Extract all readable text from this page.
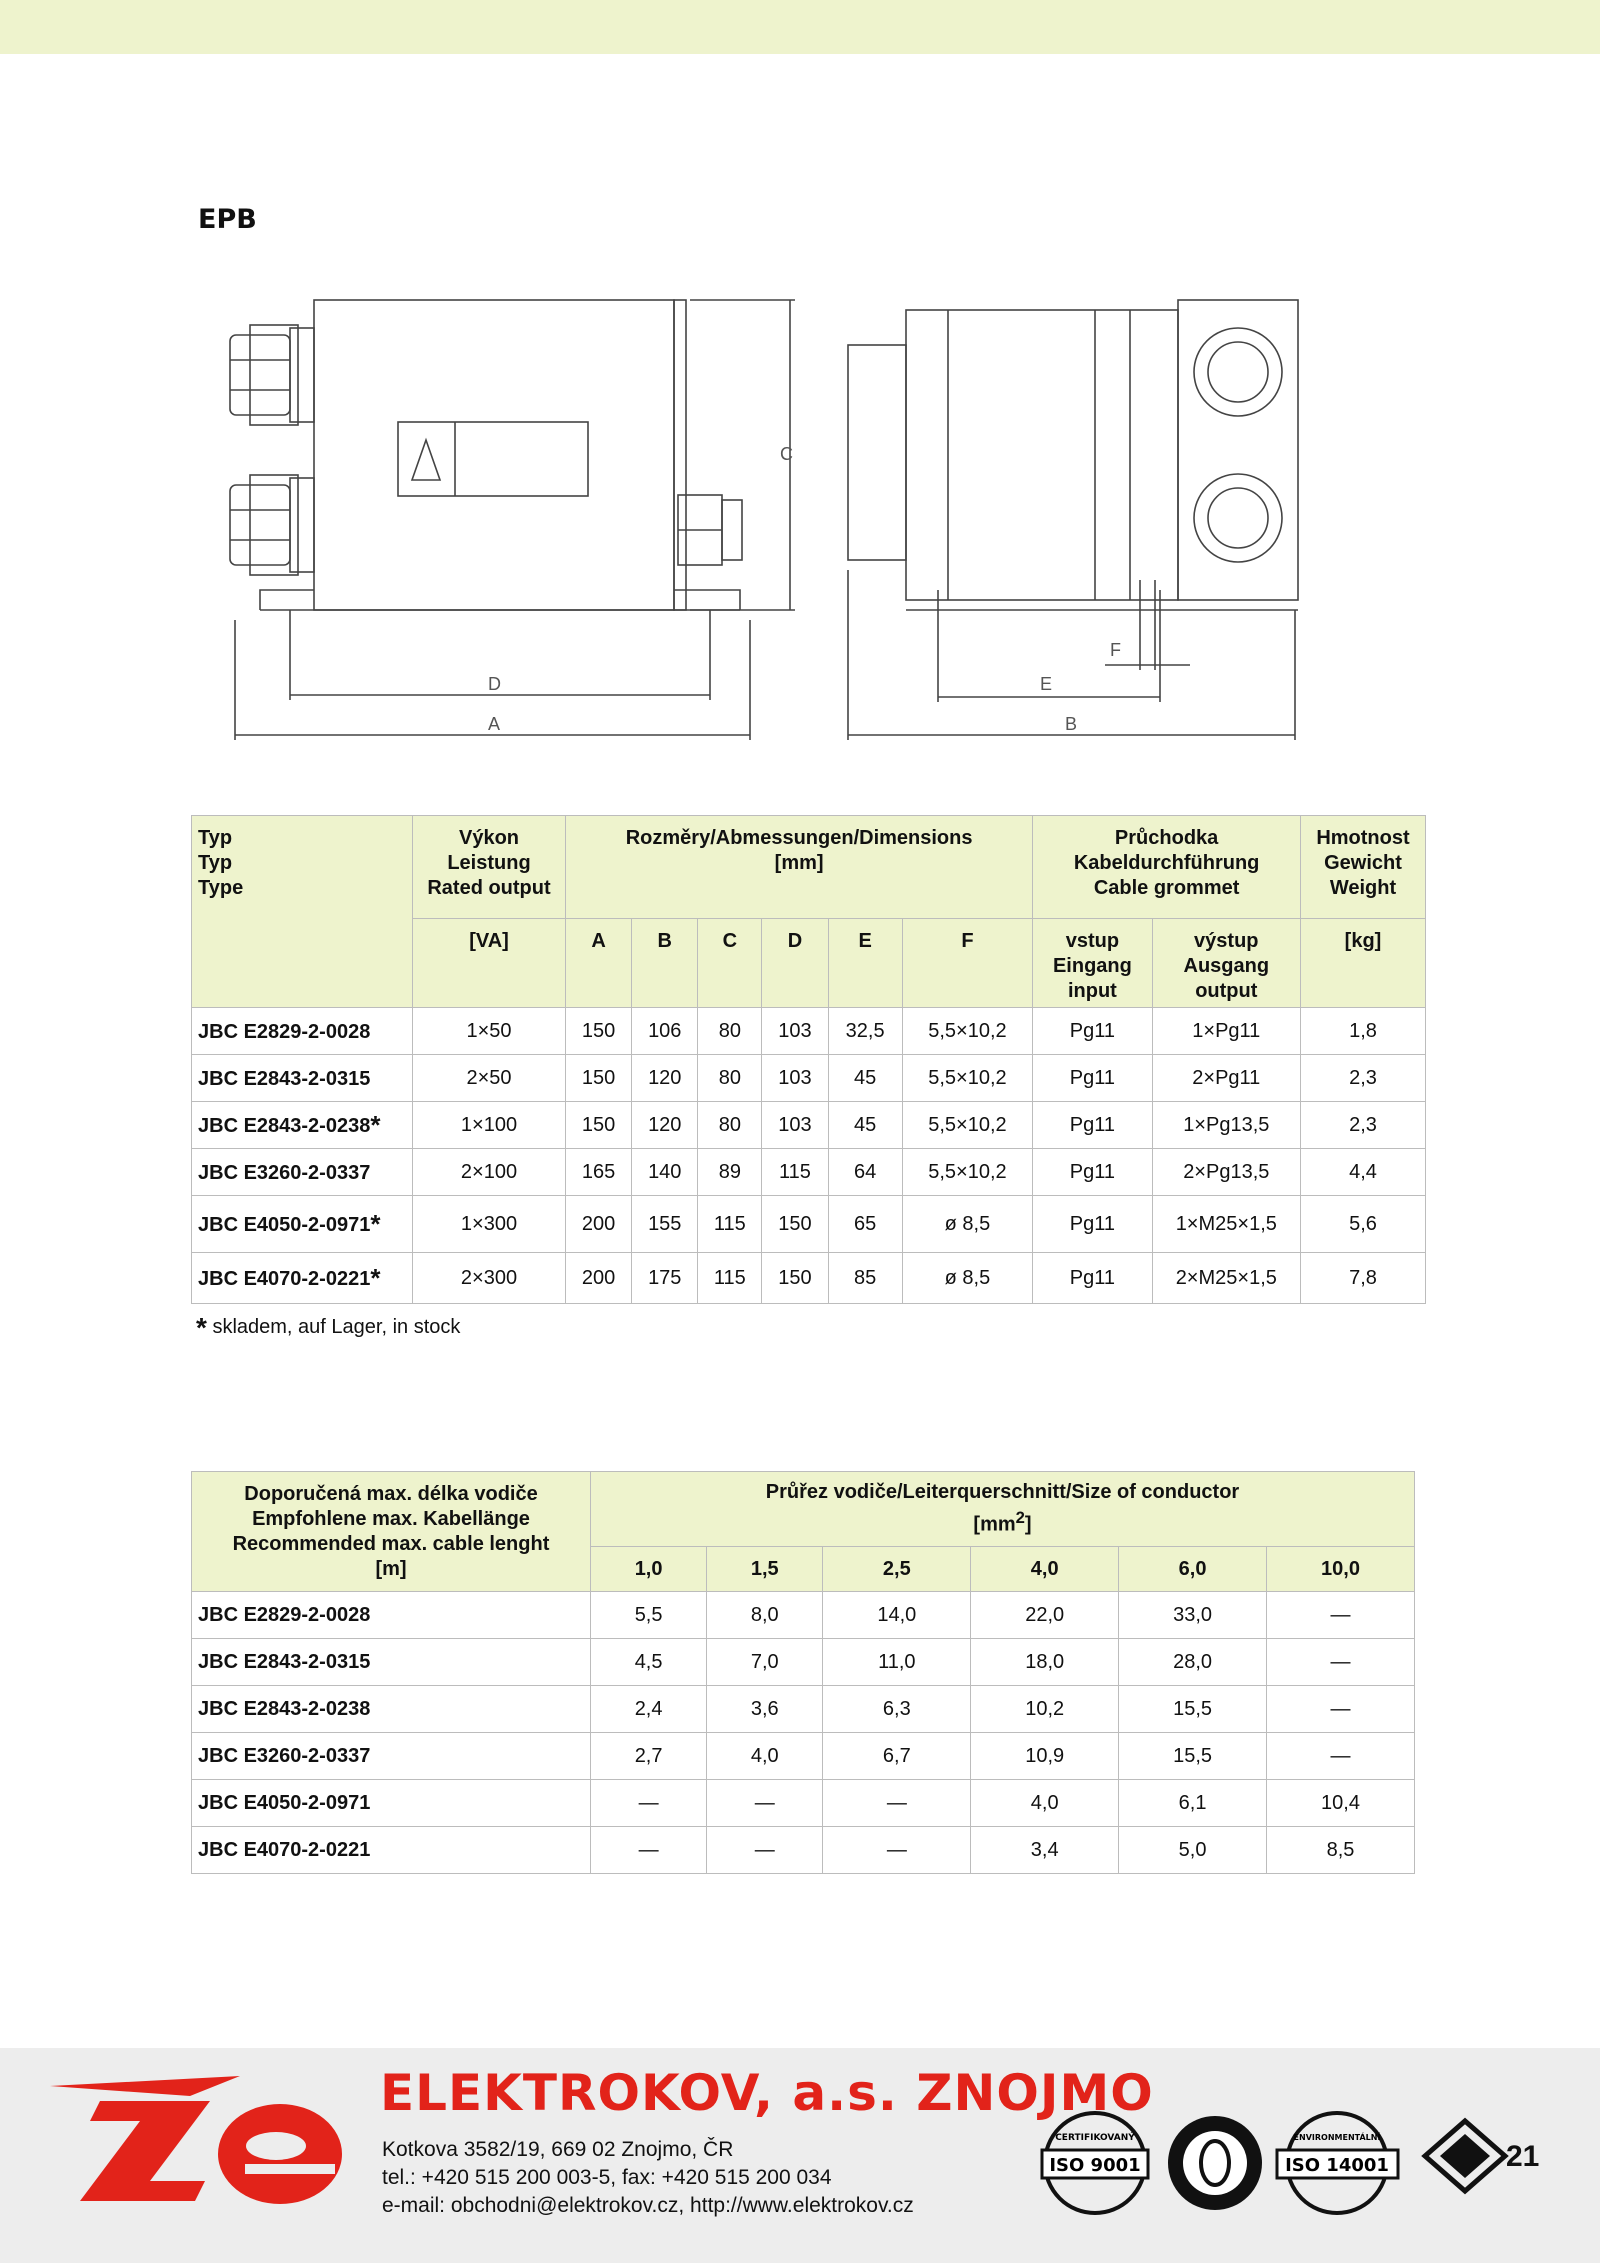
EPB
C
D
A
E
F
B
Typ
Typ
Type	Výkon
Leistung
Rated output	Rozměry/Abmessungen/Dimensions
[mm]						Průchodka
Kabeldurchführung
Cable grommet		Hmotnost
Gewicht
Weight
	[VA]	A	B	C	D	E	F	vstup
Eingang
input	výstup
Ausgang
output	[kg]
JBC E2829-2-0028	1×50	150	106	80	103	32,5	5,5×10,2	Pg11	1×Pg11	1,8
JBC E2843-2-0315	2×50	150	120	80	103	45	5,5×10,2	Pg11	2×Pg11	2,3
JBC E2843-2-0238*	1×100	150	120	80	103	45	5,5×10,2	Pg11	1×Pg13,5	2,3
JBC E3260-2-0337	2×100	165	140	89	115	64	5,5×10,2	Pg11	2×Pg13,5	4,4
JBC E4050-2-0971*	1×300	200	155	115	150	65	ø 8,5	Pg11	1×M25×1,5	5,6
JBC E4070-2-0221*	2×300	200	175	115	150	85	ø 8,5	Pg11	2×M25×1,5	7,8
* skladem, auf Lager, in stock
Doporučená max. délka vodiče
Empfohlene max. Kabellänge
Recommended max. cable lenght
[m]	Průřez vodiče/Leiterquerschnitt/Size of conductor
$[mm^2]$					
	1,0	1,5	2,5	4,0	6,0	10,0
JBC E2829-2-0028	5,5	8,0	14,0	22,0	33,0	—
JBC E2843-2-0315	4,5	7,0	11,0	18,0	28,0	—
JBC E2843-2-0238	2,4	3,6	6,3	10,2	15,5	—
JBC E3260-2-0337	2,7	4,0	6,7	10,9	15,5	—
JBC E4050-2-0971	—	—	—	4,0	6,1	10,4
JBC E4070-2-0221	—	—	—	3,4	5,0	8,5
ELEKTROKOV, a.s. ZNOJMO
Kotkova 3582/19, 669 02 Znojmo, ČR
tel.: +420 515 200 003-5, fax: +420 515 200 034
e-mail: obchodni@elektrokov.cz, http://www.elektrokov.cz
CERTIFIKOVANÝ
ISO 9001
ENVIRONMENTÁLNÍ
ISO 14001	21
